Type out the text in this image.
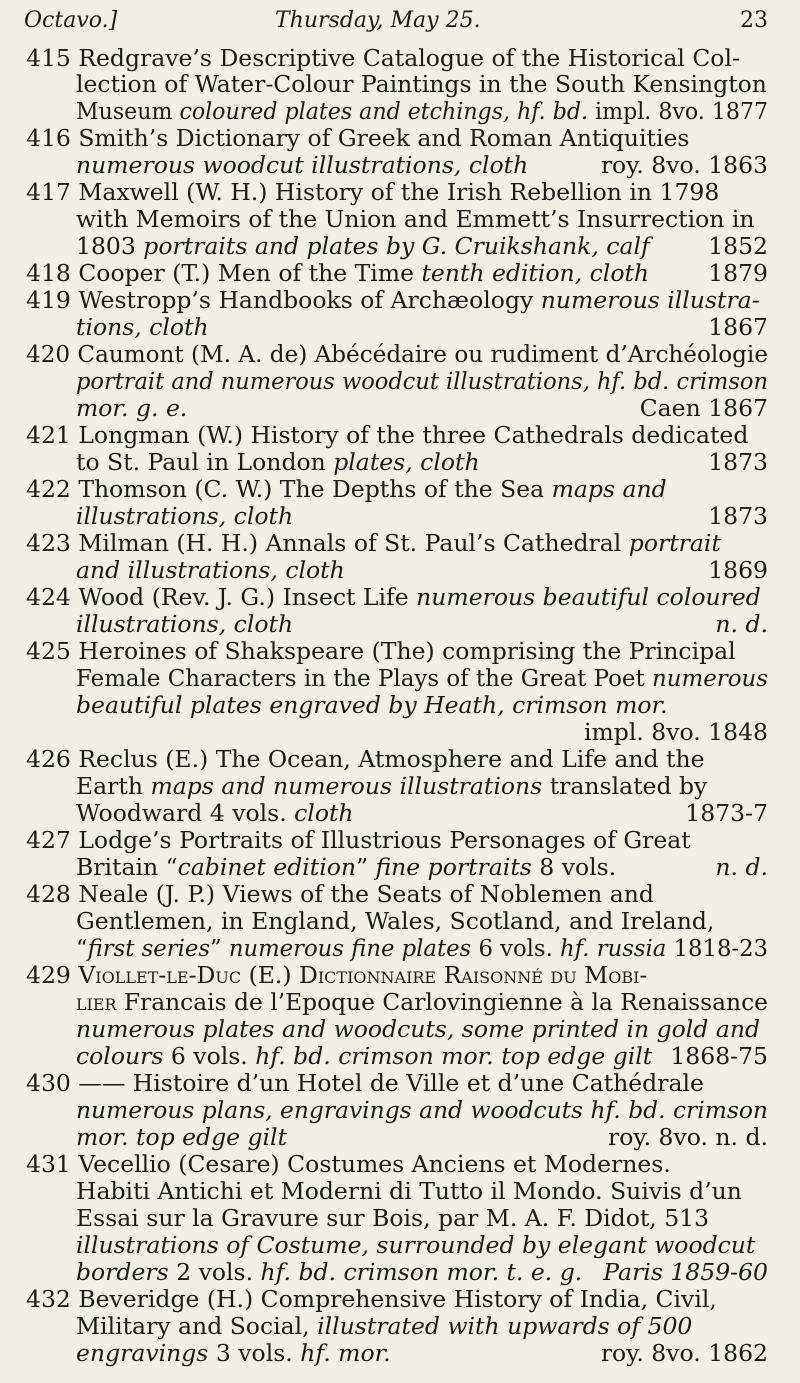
Octavo.]	Thursday, May 25.	23
415 Redgrave’s Descriptive Catalogue of the Historical Col-
lection of Water-Colour Paintings in the South Kensington
Museum coloured plates and etchings, hf. bd. impl. 8vo. 1877
416 Smith’s Dictionary of Greek and Roman Antiquities
numerous woodcut illustrations, cloth	roy. 8vo. 1863
417 Maxwell (W. H.) History of the Irish Rebellion in 1798
with Memoirs of the Union and Emmett’s Insurrection in
1803 portraits and plates by G. Cruikshank, calf 1852
418 Cooper (T.) Men of the Time tenth edition, cloth	1879
419 Westropp’s Handbooks of Archæology numerous illustra-
tions, cloth	1867
420 Caumont (M. A. de) Abécédaire ou rudiment d’Archéologie
portrait and numerous woodcut illustrations, hf. bd. crimson
mor. g. e.	Caen 1867
421 Longman (W.) History of the three Cathedrals dedicated
to St. Paul in London plates, cloth	1873
422 Thomson (C. W.) The Depths of the Sea maps and
illustrations, cloth	1873
423 Milman (H. H.) Annals of St. Paul’s Cathedral portrait
and illustrations, cloth	1869
424 Wood (Rev. J. G.) Insect Life numerous beautiful coloured
illustrations, cloth	n. d.
425 Heroines of Shakspeare (The) comprising the Principal
Female Characters in the Plays of the Great Poet numerous
beautiful plates engraved by Heath, crimson mor.
impl. 8vo. 1848
426 Reclus (E.) The Ocean, Atmosphere and Life and the
Earth maps and numerous illustrations translated by
Woodward 4 vols. cloth	1873-7
427 Lodge’s Portraits of Illustrious Personages of Great
Britain “cabinet edition” fine portraits 8 vols.	n. d.
428 Neale (J. P.) Views of the Seats of Noblemen and
Gentlemen, in England, Wales, Scotland, and Ireland,
“first series” numerous fine plates 6 vols. hf. russia 1818-23
429 Viollet-le-Duc (E.) Dictionnaire Raisonné du Mobi-
lier Francais de l’Epoque Carlovingienne à la Renaissance
numerous plates and woodcuts, some printed in gold and
colours 6 vols. hf. bd. crimson mor. top edge gilt 1868-75
430 —— Histoire d’un Hotel de Ville et d’une Cathédrale
numerous plans, engravings and woodcuts hf. bd. crimson
mor. top edge gilt	roy. 8vo. n. d.
431 Vecellio (Cesare) Costumes Anciens et Modernes.
Habiti Antichi et Moderni di Tutto il Mondo. Suivis d’un
Essai sur la Gravure sur Bois, par M. A. F. Didot, 513
illustrations of Costume, surrounded by elegant woodcut
borders 2 vols. hf. bd. crimson mor. t. e. g. Paris 1859-60
432 Beveridge (H.) Comprehensive History of India, Civil,
Military and Social, illustrated with upwards of 500
engravings 3 vols. hf. mor.	roy. 8vo. 1862
